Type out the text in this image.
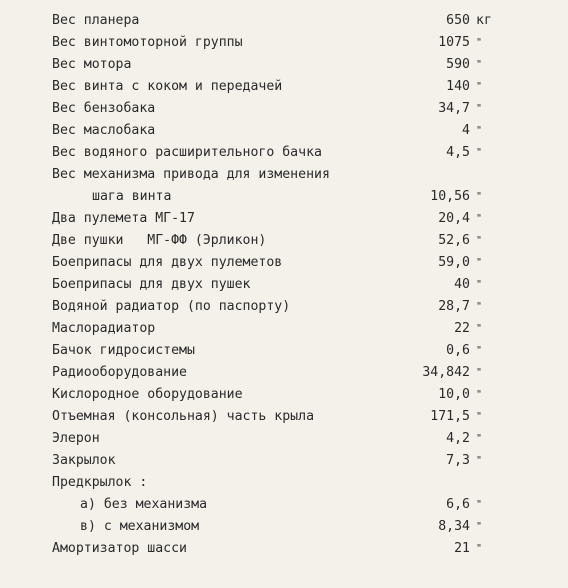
Вес планера	650 кг
Вес винтомоторной группы	1075 "
Вес мотора	590 "
Вес винта с коком и передачей	140 "
Вес бензобака	34,7 "
Вес маслобака	4 "
Вес водяного расширительного бачка	4,5 "
Вес механизма привода для изменения
шага винта	10,56 "
Два пулемета МГ-17	20,4 "
Две пушки   МГ-ФФ (Эрликон)	52,6 "
Боеприпасы для двух пулеметов	59,0 "
Боеприпасы для двух пушек	40 "
Водяной радиатор (по паспорту)	28,7 "
Маслорадиатор	22 "
Бачок гидросистемы	0,6 "
Радиооборудование	34,842 "
Кислородное оборудование	10,0 "
Отъемная (консольная) часть крыла	171,5 "
Элерон	4,2 "
Закрылок	7,3 "
Предкрылок :
а) без механизма	6,6 "
в) с механизмом	8,34 "
Амортизатор шасси	21 "
